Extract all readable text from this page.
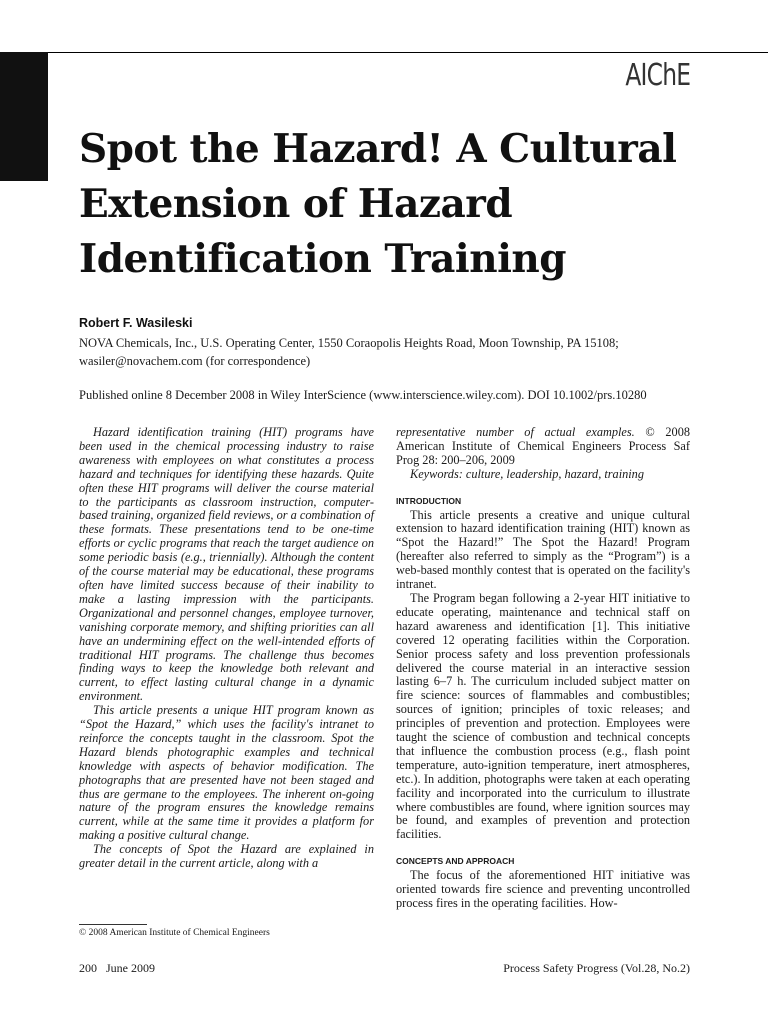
AIChE
Spot the Hazard! A Cultural Extension of Hazard Identification Training

Robert F. Wasileski

NOVA Chemicals, Inc., U.S. Operating Center, 1550 Coraopolis Heights Road, Moon Township, PA 15108; wasiler@novachem.com (for correspondence)

Published online 8 December 2008 in Wiley InterScience (www.interscience.wiley.com). DOI 10.1002/prs.10280

Hazard identification training (HIT) programs have been used in the chemical processing industry to raise awareness with employees on what constitutes a process hazard and techniques for identifying these hazards. Quite often these HIT programs will deliver the course material to the participants as classroom instruction, computer-based training, organized field reviews, or a combination of these formats. These presentations tend to be one-time efforts or cyclic programs that reach the target audience on some periodic basis (e.g., triennially). Although the content of the course material may be educational, these programs often have limited success because of their inability to make a lasting impression with the participants. Organizational and personnel changes, employee turnover, vanishing corporate memory, and shifting priorities can all have an undermining effect on the well-intended efforts of traditional HIT programs. The challenge thus becomes finding ways to keep the knowledge both relevant and current, to effect lasting cultural change in a dynamic environment.

This article presents a unique HIT program known as “Spot the Hazard,” which uses the facility's intranet to reinforce the concepts taught in the classroom. Spot the Hazard blends photographic examples and technical knowledge with aspects of behavior modification. The photographs that are presented have not been staged and thus are germane to the employees. The inherent on-going nature of the program ensures the knowledge remains current, while at the same time it provides a platform for making a positive cultural change.

The concepts of Spot the Hazard are explained in greater detail in the current article, along with a

representative number of actual examples. © 2008 American Institute of Chemical Engineers Process Saf Prog 28: 200–206, 2009

Keywords: culture, leadership, hazard, training

INTRODUCTION

This article presents a creative and unique cultural extension to hazard identification training (HIT) known as “Spot the Hazard!” The Spot the Hazard! Program (hereafter also referred to simply as the “Program”) is a web-based monthly contest that is operated on the facility's intranet.

The Program began following a 2-year HIT initiative to educate operating, maintenance and technical staff on hazard awareness and identification [1]. This initiative covered 12 operating facilities within the Corporation. Senior process safety and loss prevention professionals delivered the course material in an interactive session lasting 6–7 h. The curriculum included subject matter on fire science: sources of flammables and combustibles; sources of ignition; principles of toxic releases; and principles of prevention and protection. Employees were taught the science of combustion and technical concepts that influence the combustion process (e.g., flash point temperature, auto-ignition temperature, inert atmospheres, etc.). In addition, photographs were taken at each operating facility and incorporated into the curriculum to illustrate where combustibles are found, where ignition sources may be found, and examples of prevention and protection facilities.

CONCEPTS AND APPROACH

The focus of the aforementioned HIT initiative was oriented towards fire science and preventing uncontrolled process fires in the operating facilities. How-

© 2008 American Institute of Chemical Engineers

200   June 2009	Process Safety Progress (Vol.28, No.2)
